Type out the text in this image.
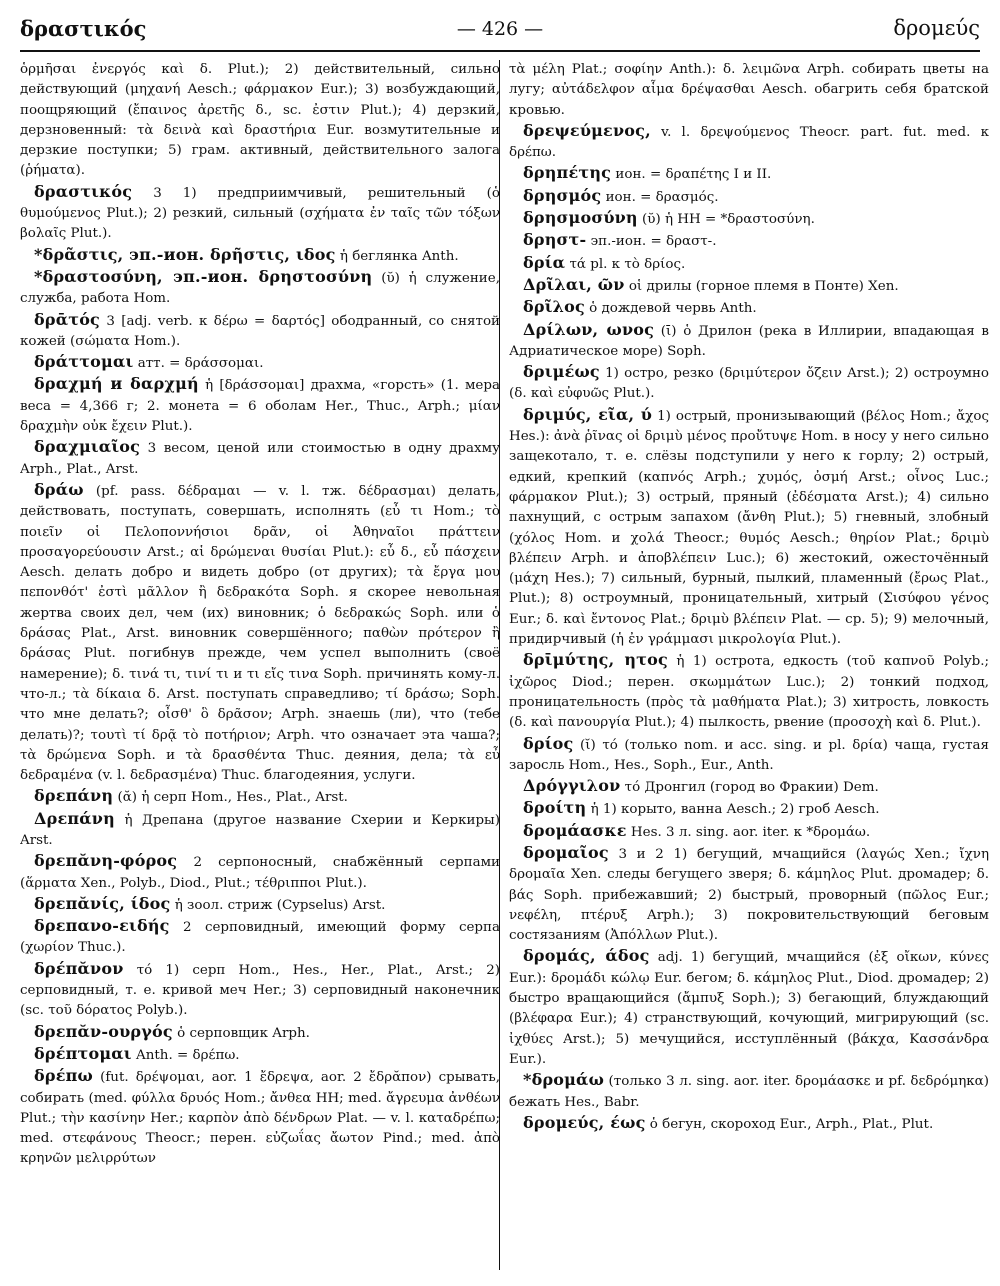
δραστικός	— 426 —	δρομεύς

ὁρμῆσαι ἐνεργός καὶ δ. Plut.); 2) действительный, сильно действующий (μηχανή Aesch.; φάρμακον Eur.); 3) возбуждающий, поощряющий (ἔπαινος ἀρετῆς δ., sc. ἐστιν Plut.); 4) дерзкий, дерзновенный: τὰ δεινὰ καὶ δραστήρια Eur. возмутительные и дерзкие поступки; 5) грам. активный, действительного залога (ῥήματα).

δραστικός 3 1) предприимчивый, решительный (ὁ θυμούμενος Plut.); 2) резкий, сильный (σχήματα ἐν ταῖς τῶν τόξων βολαῖς Plut.).

*δρᾶστις, эп.-ион. δρῆστις, ιδος ἡ беглянка Anth.

*δραστοσύνη, эп.-ион. δρηστοσύνη (ῠ) ἡ служение, служба, работа Hom.

δρᾱτός 3 [adj. verb. к δέρω = δαρτός] ободранный, со снятой кожей (σώματα Hom.).

δράττομαι атт. = δράσσομαι.

δραχμή и δαρχμή ἡ [δράσσομαι] драхма, «горсть» (1. мера веса = 4,366 г; 2. монета = 6 оболам Her., Thuc., Arph.; μίαν δραχμὴν οὐκ ἔχειν Plut.).

δραχμιαῖος 3 весом, ценой или стоимостью в одну драхму Arph., Plat., Arst.

δράω (pf. pass. δέδραμαι — v. l. тж. δέδρασμαι) делать, действовать, поступать, совершать, исполнять (εὖ τι Hom.; τὸ ποιεῖν οἱ Πελοποννήσιοι δρᾶν, οἱ Ἀθηναῖοι πράττειν προσαγορεύουσιν Arst.; αἱ δρώμεναι θυσίαι Plut.): εὖ δ., εὖ πάσχειν Aesch. делать добро и видеть добро (от других); τὰ ἔργα μου πεπονθότ' ἐστὶ μᾶλλον ἢ δεδρακότα Soph. я скорее невольная жертва своих дел, чем (их) виновник; ὁ δεδρακώς Soph. или ὁ δράσας Plat., Arst. виновник совершённого; παθὼν πρότερον ἢ δράσας Plut. погибнув прежде, чем успел выполнить (своё намерение); δ. τινά τι, τινί τι и τι εἴς τινα Soph. причинять кому-л. что-л.; τὰ δίκαια δ. Arst. поступать справедливо; τί δράσω; Soph. что мне делать?; οἶσθ' ὃ δρᾶσον; Arph. знаешь (ли), что (тебе делать)?; τουτὶ τί δρᾷ τὸ ποτήριον; Arph. что означает эта чаша?; τὰ δρώμενα Soph. и τὰ δρασθέντα Thuc. деяния, дела; τὰ εὖ δεδραμένα (v. l. δεδρασμένα) Thuc. благодеяния, услуги.

δρεπάνη (ᾰ) ἡ серп Hom., Hes., Plat., Arst.

Δρεπάνη ἡ Дрепана (другое название Схерии и Керкиры) Arst.

δρεπᾰνη-φόρος 2 серпоносный, снабжённый серпами (ἅρματα Xen., Polyb., Diod., Plut.; τέθριπποι Plut.).

δρεπᾰνίς, ίδος ἡ зоол. стриж (Cypselus) Arst.

δρεπανο-ειδής 2 серповидный, имеющий форму серпа (χωρίον Thuc.).

δρέπᾰνον τό 1) серп Hom., Hes., Her., Plat., Arst.; 2) серповидный, т. е. кривой меч Her.; 3) серповидный наконечник (sc. τοῦ δόρατος Polyb.).

δρεπᾰν-ουργός ὁ серповщик Arph.

δρέπτομαι Anth. = δρέπω.

δρέπω (fut. δρέψομαι, aor. 1 ἔδρεψα, aor. 2 ἔδρᾰπον) срывать, собирать (med. φύλλα δρυός Hom.; ἄνθεα HH; med. ἄγρευμα ἀνθέων Plut.; τὴν κασίνην Her.; καρπὸν ἀπὸ δένδρων Plat. — v. l. καταδρέπω; med. στεφάνους Theocr.; перен. εὐζωΐας ἄωτον Pind.; med. ἀπὸ κρηνῶν μελιρρύτων

τὰ μέλη Plat.; σοφίην Anth.): δ. λειμῶνα Arph. собирать цветы на лугу; αὐτάδελφον αἷμα δρέψασθαι Aesch. обагрить себя братской кровью.

δρεψεύμενος, v. l. δρεψούμενος Theocr. part. fut. med. к δρέπω.

δρηπέτης ион. = δραπέτης I и II.

δρησμός ион. = δρασμός.

δρησμοσύνη (ῠ) ἡ HH = *δραστοσύνη.

δρηστ- эп.-ион. = δραστ-.

δρία τά pl. к τὸ δρίος.

Δρῖλαι, ῶν οἱ дрилы (горное племя в Понте) Xen.

δρῖλος ὁ дождевой червь Anth.

Δρίλων, ωνος (ῑ) ὁ Дрилон (река в Иллирии, впадающая в Адриатическое море) Soph.

δριμέως 1) остро, резко (δριμύτερον ὄζειν Arst.); 2) остроумно (δ. καὶ εὐφυῶς Plut.).

δριμύς, εῖα, ύ 1) острый, пронизывающий (βέλος Hom.; ἄχος Hes.): ἀνὰ ῥῖνας οἱ δριμὺ μένος προὔτυψε Hom. в носу у него сильно защекотало, т. е. слёзы подступили у него к горлу; 2) острый, едкий, крепкий (καπνός Arph.; χυμός, ὀσμή Arst.; οἶνος Luc.; φάρμακον Plut.); 3) острый, пряный (ἐδέσματα Arst.); 4) сильно пахнущий, с острым запахом (ἄνθη Plut.); 5) гневный, злобный (χόλος Hom. и χολά Theocr.; θυμός Aesch.; θηρίον Plat.; δριμὺ βλέπειν Arph. и ἀποβλέπειν Luc.); 6) жестокий, ожесточённый (μάχη Hes.); 7) сильный, бурный, пылкий, пламенный (ἔρως Plat., Plut.); 8) остроумный, проницательный, хитрый (Σισύφου γένος Eur.; δ. καὶ ἔντονος Plat.; δριμὺ βλέπειν Plat. — ср. 5); 9) мелочный, придирчивый (ἡ ἐν γράμμασι μικρολογία Plut.).

δρῑμύτης, ητος ἡ 1) острота, едкость (τοῦ καπνοῦ Polyb.; ἰχῶρος Diod.; перен. σκωμμάτων Luc.); 2) тонкий подход, проницательность (πρὸς τὰ μαθήματα Plat.); 3) хитрость, ловкость (δ. καὶ πανουργία Plut.); 4) пылкость, рвение (προσοχὴ καὶ δ. Plut.).

δρίος (ῐ) τό (только nom. и acc. sing. и pl. δρία) чаща, густая заросль Hom., Hes., Soph., Eur., Anth.

Δρόγγιλον τό Дронгил (город во Фракии) Dem.

δροίτη ἡ 1) корыто, ванна Aesch.; 2) гроб Aesch.

δρομάασκε Hes. 3 л. sing. aor. iter. к *δρομάω.

δρομαῖος 3 и 2 1) бегущий, мчащийся (λαγώς Xen.; ἴχνη δρομαῖα Xen. следы бегущего зверя; δ. κάμηλος Plut. дромадер; δ. βάς Soph. прибежавший; 2) быстрый, проворный (πῶλος Eur.; νεφέλη, πτέρυξ Arph.); 3) покровительствующий беговым состязаниям (Ἀπόλλων Plut.).

δρομάς, άδος adj. 1) бегущий, мчащийся (ἐξ οἴκων, κύνες Eur.): δρομάδι κώλῳ Eur. бегом; δ. κάμηλος Plut., Diod. дромадер; 2) быстро вращающийся (ἄμπυξ Soph.); 3) бегающий, блуждающий (βλέφαρα Eur.); 4) странствующий, кочующий, мигрирующий (sc. ἰχθύες Arst.); 5) мечущийся, исступлённый (βάκχα, Κασσάνδρα Eur.).

*δρομάω (только 3 л. sing. aor. iter. δρομάασκε и pf. δεδρόμηκα) бежать Hes., Babr.

δρομεύς, έως ὁ бегун, скороход Eur., Arph., Plat., Plut.
